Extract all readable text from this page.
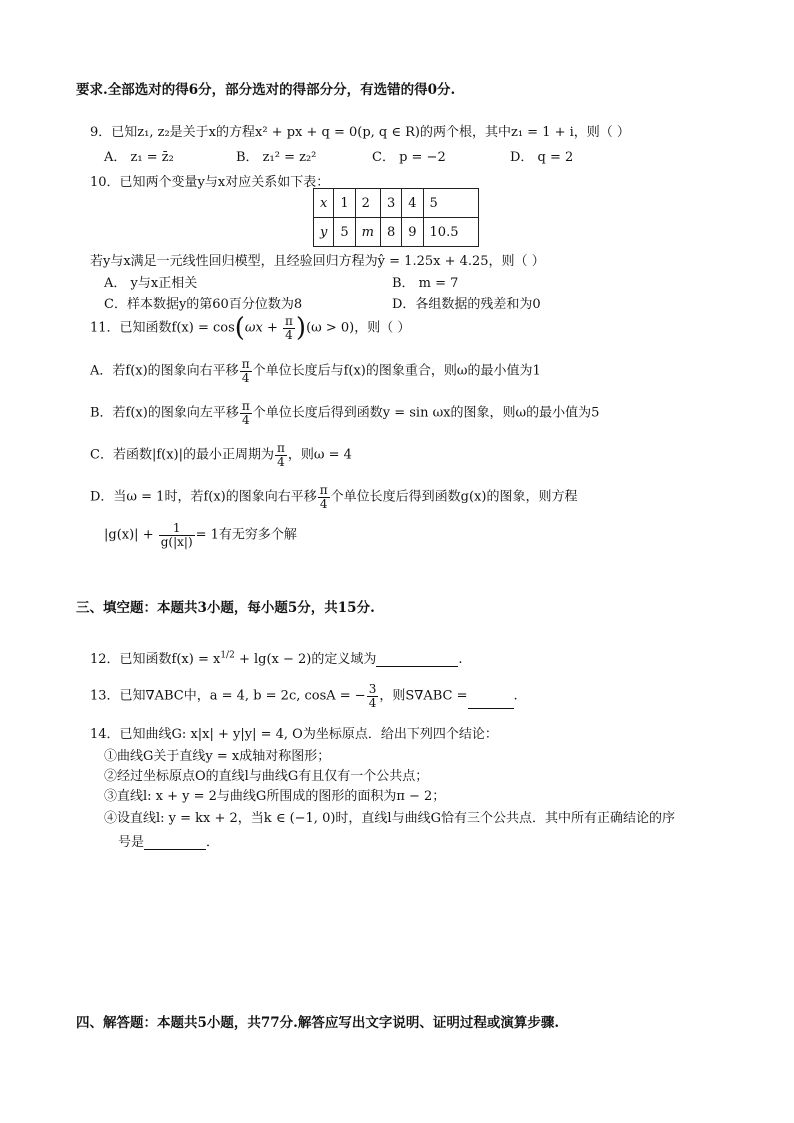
要求.全部选对的得6分，部分选对的得部分分，有选错的得0分.
9．已知z₁, z₂是关于x的方程x² + px + q = 0(p, q ∈ R)的两个根，其中z₁ = 1 + i，则（ ）
A． z₁ = z̄₂	B． z₁² = z₂²	C． p = −2	D． q = 2
10．已知两个变量y与x对应关系如下表：
x	1	2	3	4	5
y	5	m	8	9	10.5
若y与x满足一元线性回归模型，且经验回归方程为ŷ = 1.25x + 4.25，则（ ）
A． y与x正相关	B． m = 7
C．样本数据y的第60百分位数为8	D．各组数据的残差和为0
11．已知函数$f(x) = \cos(\omega x + \frac{\pi}{4} )(\omega > 0)$，则（ ）
A．若f(x)的图象向右平移 $\frac{\pi}{4}$ 个单位长度后与f(x)的图象重合，则ω的最小值为1
B．若f(x)的图象向左平移 $\frac{\pi}{4}$ 个单位长度后得到函数y = sin ωx的图象，则ω的最小值为5
C．若函数|f(x)|的最小正周期为 $\frac{\pi}{4}$ ，则ω = 4
D．当ω = 1时，若f(x)的图象向右平移 $\frac{\pi}{4}$ 个单位长度后得到函数g(x)的图象，则方程
$|g(x)| + \frac{1}{g(|x|)} = 1$有无穷多个解
三、填空题：本题共3小题，每小题5分，共15分.
12．已知函数$f(x) = x^{1/2} + \lg(x - 2)$的定义域为	.
13．已知∇ABC中，a = 4, b = 2c, cosA = − $\frac{3}{4}$ ，则S∇ABC =	.
14．已知曲线G: x|x| + y|y| = 4, O为坐标原点．给出下列四个结论：
①曲线G关于直线y = x成轴对称图形；
②经过坐标原点O的直线l与曲线G有且仅有一个公共点；
③直线l: x + y = 2与曲线G所围成的图形的面积为π − 2；
④设直线l: y = kx + 2，当k ∈ (−1, 0)时，直线l与曲线G恰有三个公共点．其中所有正确结论的序
号是	．
四、解答题：本题共5小题，共77分.解答应写出文字说明、证明过程或演算步骤.
